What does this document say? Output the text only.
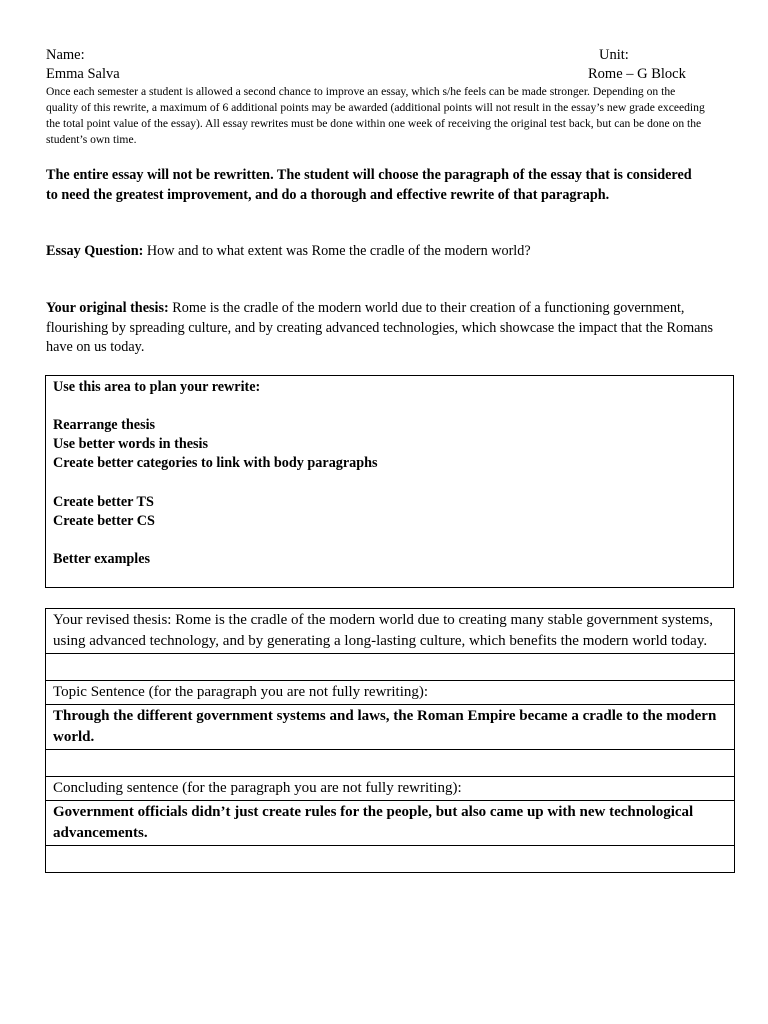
Name:	Unit:
Emma Salva	Rome – G Block
Once each semester a student is allowed a second chance to improve an essay, which s/he feels can be made stronger. Depending on the quality of this rewrite, a maximum of 6 additional points may be awarded (additional points will not result in the essay’s new grade exceeding the total point value of the essay). All essay rewrites must be done within one week of receiving the original test back, but can be done on the student’s own time.
The entire essay will not be rewritten. The student will choose the paragraph of the essay that is considered to need the greatest improvement, and do a thorough and effective rewrite of that paragraph.
Essay Question: How and to what extent was Rome the cradle of the modern world?
Your original thesis: Rome is the cradle of the modern world due to their creation of a functioning government, flourishing by spreading culture, and by creating advanced technologies, which showcase the impact that the Romans have on us today.
Use this area to plan your rewrite:
Rearrange thesis
Use better words in thesis
Create better categories to link with body paragraphs
Create better TS
Create better CS
Better examples
Your revised thesis: Rome is the cradle of the modern world due to creating many stable government systems, using advanced technology, and by generating a long-lasting culture, which benefits the modern world today.

Topic Sentence (for the paragraph you are not fully rewriting):
Through the different government systems and laws, the Roman Empire became a cradle to the modern world.

Concluding sentence (for the paragraph you are not fully rewriting):
Government officials didn’t just create rules for the people, but also came up with new technological advancements.
